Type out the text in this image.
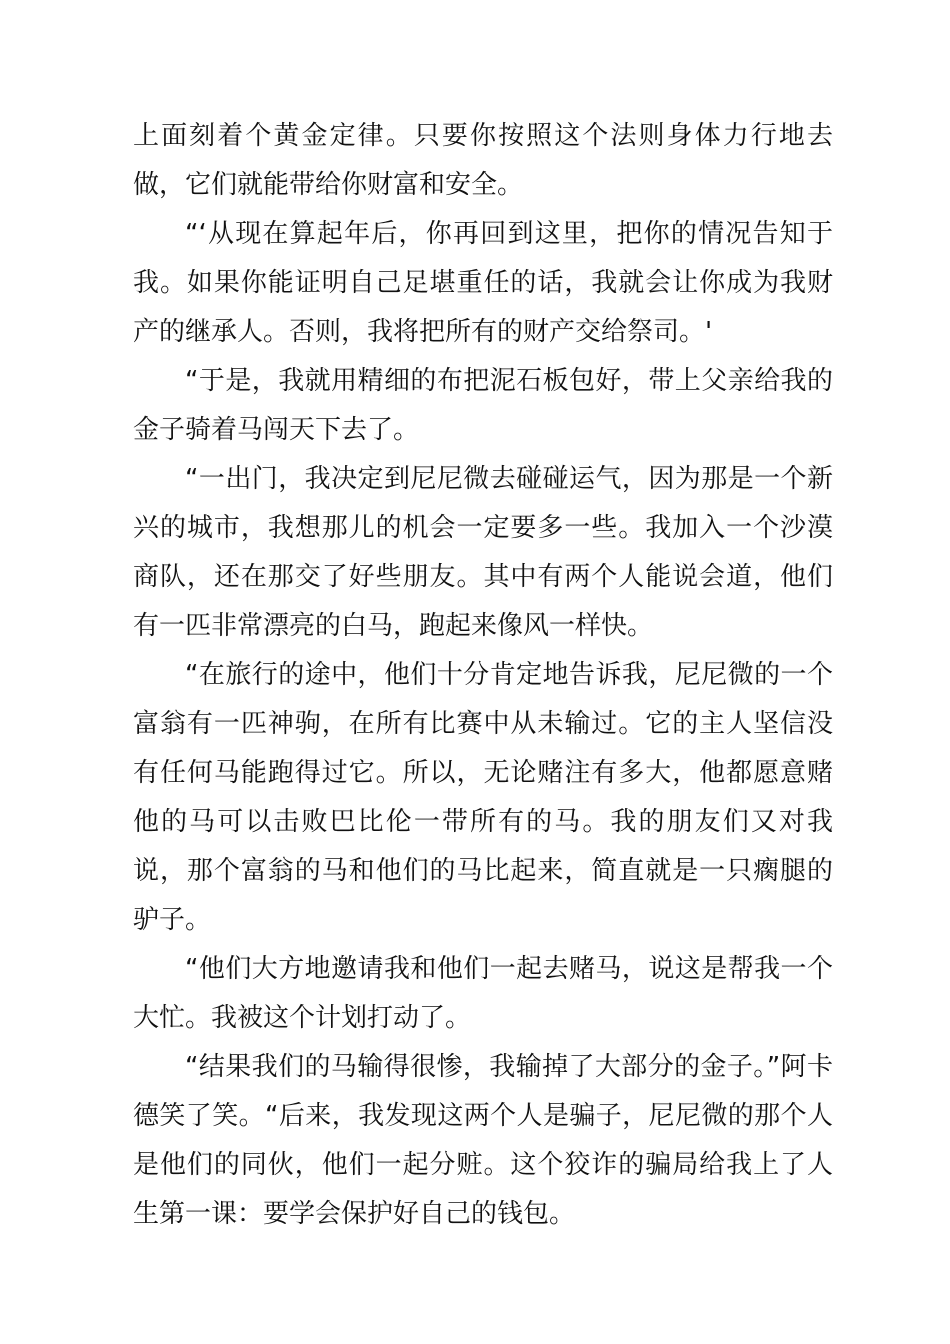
上面刻着个黄金定律。只要你按照这个法则身体力行地去做，它们就能带给你财富和安全。

“‘从现在算起年后，你再回到这里，把你的情况告知于我。如果你能证明自己足堪重任的话，我就会让你成为我财产的继承人。否则，我将把所有的财产交给祭司。'

“于是，我就用精细的布把泥石板包好，带上父亲给我的金子骑着马闯天下去了。

“一出门，我决定到尼尼微去碰碰运气，因为那是一个新兴的城市，我想那儿的机会一定要多一些。我加入一个沙漠商队，还在那交了好些朋友。其中有两个人能说会道，他们有一匹非常漂亮的白马，跑起来像风一样快。

“在旅行的途中，他们十分肯定地告诉我，尼尼微的一个富翁有一匹神驹，在所有比赛中从未输过。它的主人坚信没有任何马能跑得过它。所以，无论赌注有多大，他都愿意赌他的马可以击败巴比伦一带所有的马。我的朋友们又对我说，那个富翁的马和他们的马比起来，简直就是一只瘸腿的驴子。

“他们大方地邀请我和他们一起去赌马，说这是帮我一个大忙。我被这个计划打动了。

“结果我们的马输得很惨，我输掉了大部分的金子。”阿卡德笑了笑。“后来，我发现这两个人是骗子，尼尼微的那个人是他们的同伙，他们一起分赃。这个狡诈的骗局给我上了人生第一课：要学会保护好自己的钱包。
